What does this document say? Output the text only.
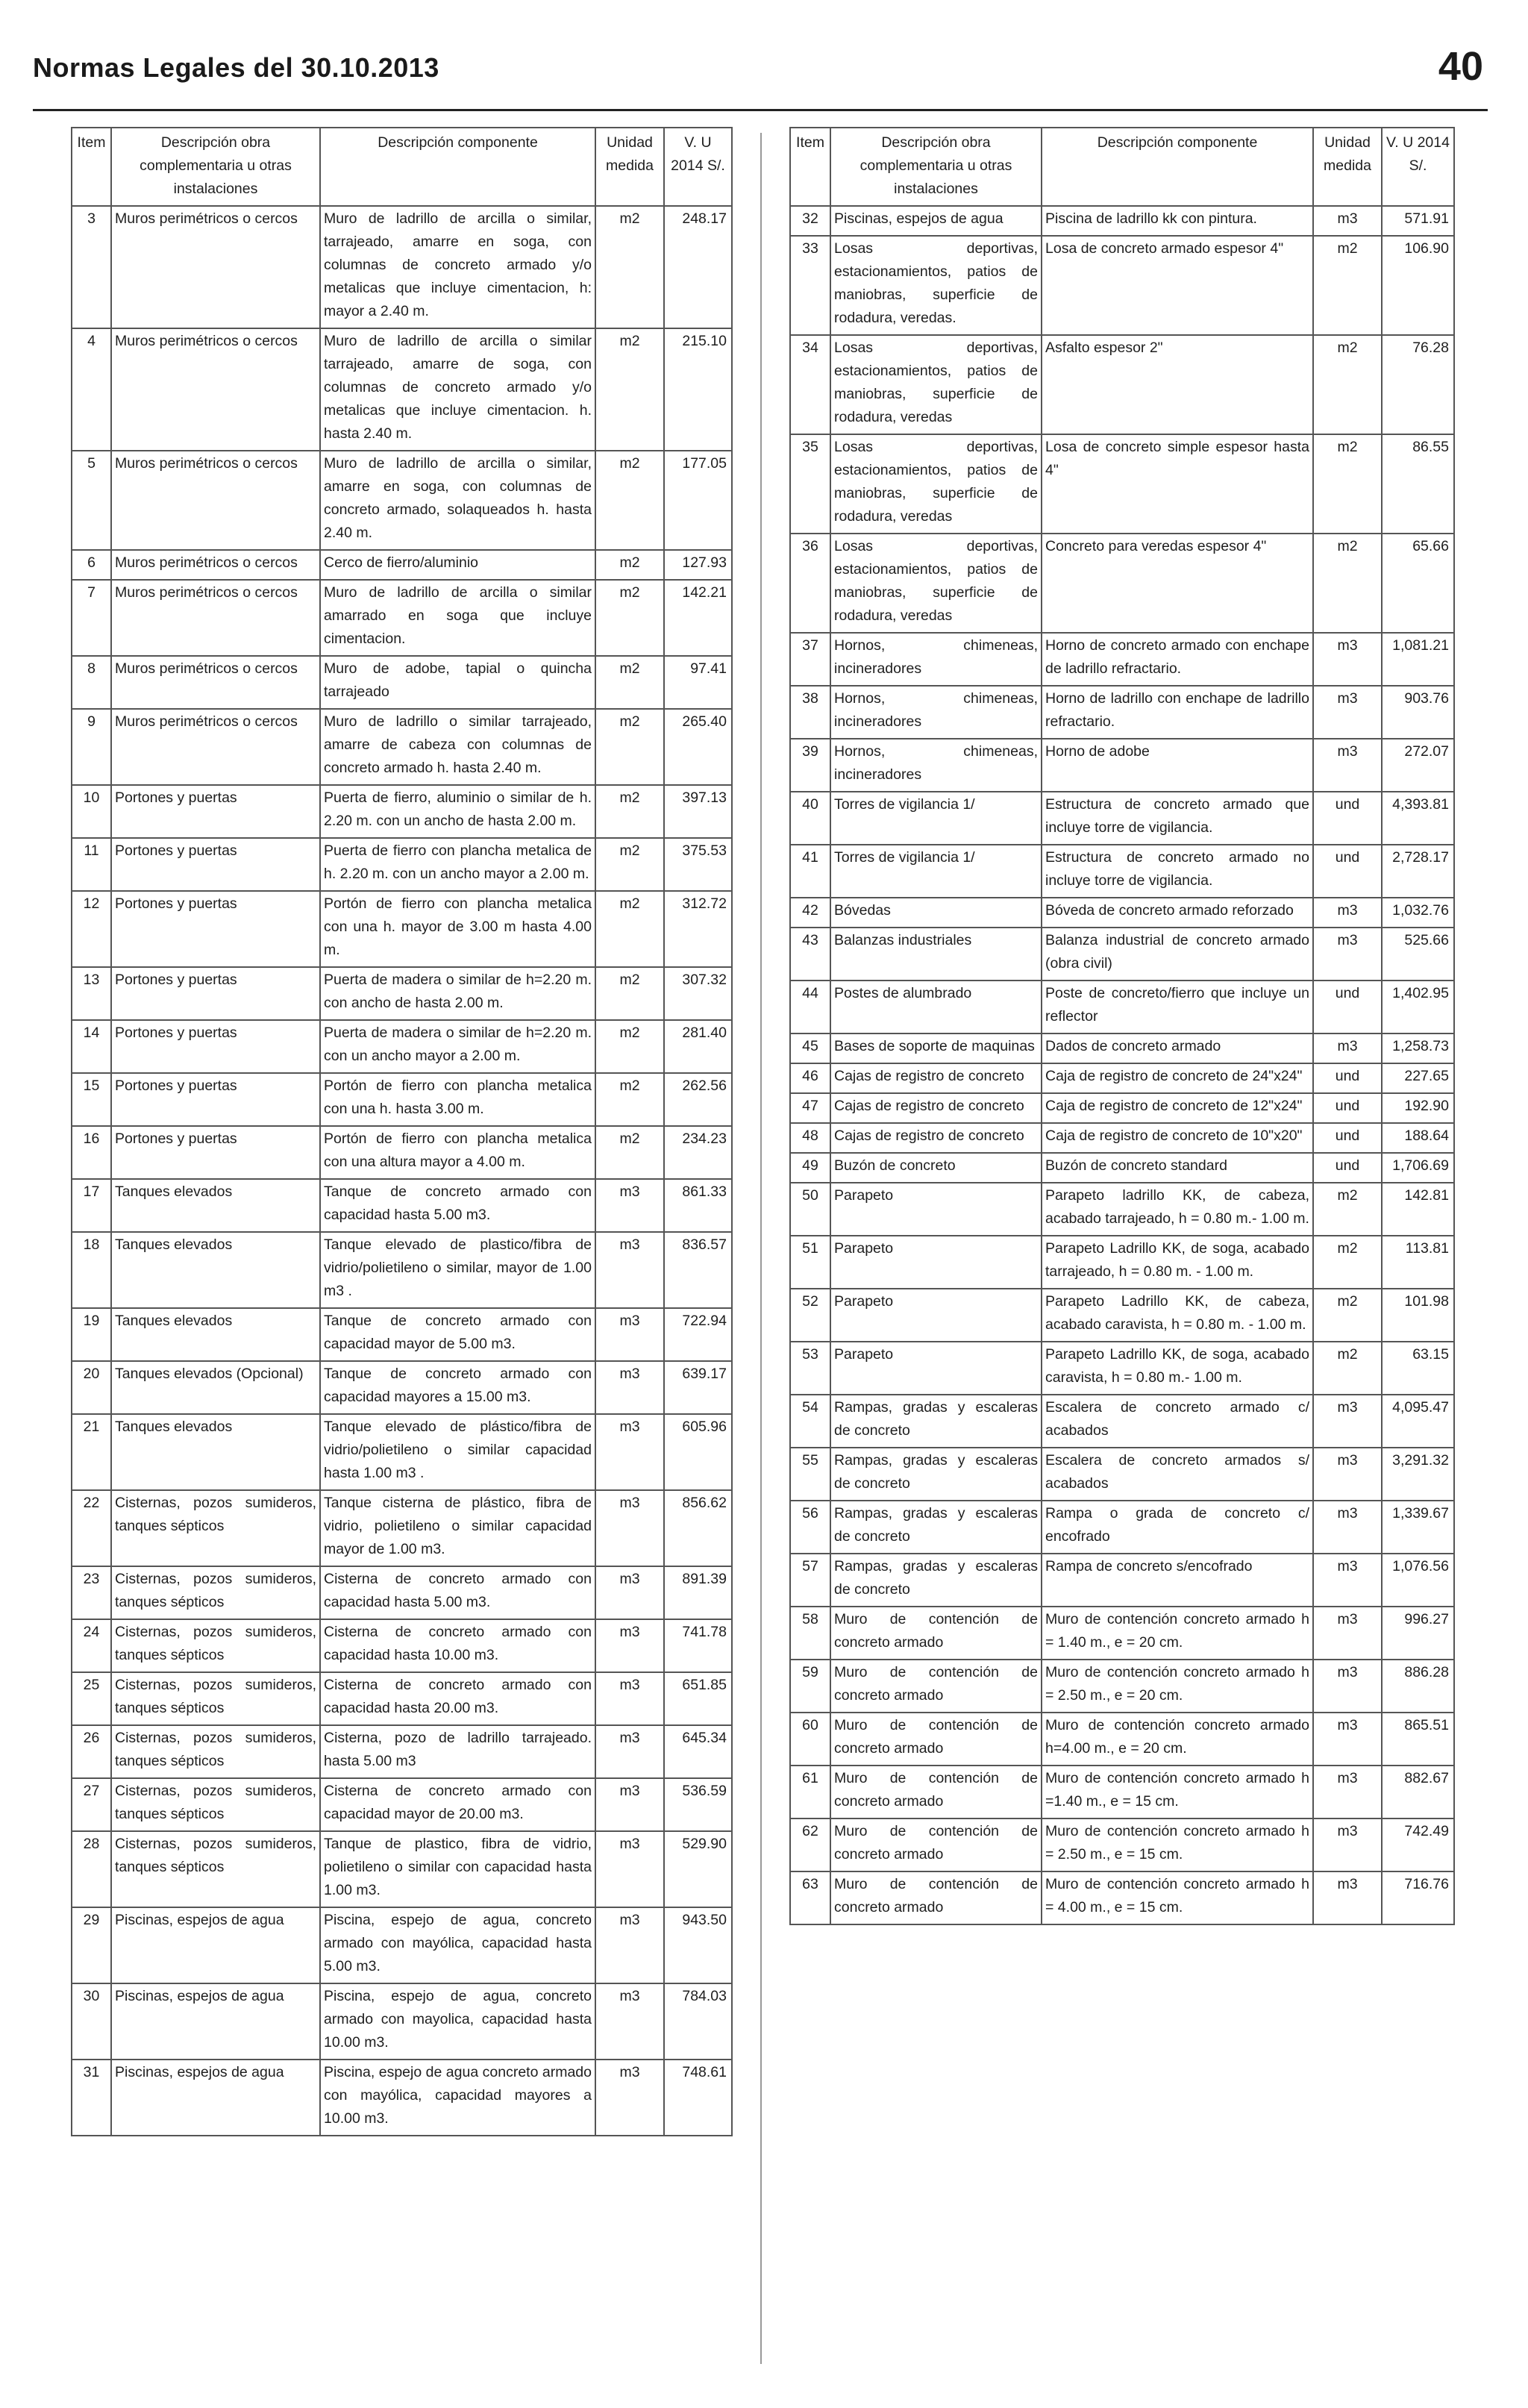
Normas Legales del 30.10.2013	40
Item	Descripción obra complementaria u otras instalaciones	Descripción componente	Unidad medida	V. U 2014 S/.
3	Muros perimétricos o cercos	Muro de ladrillo de arcilla o similar, tarrajeado, amarre en soga, con columnas de concreto armado y/o metalicas que incluye cimentacion, h: mayor a 2.40 m.	m2	248.17
4	Muros perimétricos o cercos	Muro de ladrillo de arcilla o similar tarrajeado, amarre de soga, con columnas de concreto armado y/o metalicas que incluye cimentacion. h. hasta 2.40 m.	m2	215.10
5	Muros perimétricos o cercos	Muro de ladrillo de arcilla o similar, amarre en soga, con columnas de concreto armado, solaqueados h. hasta 2.40 m.	m2	177.05
6	Muros perimétricos o cercos	Cerco de fierro/aluminio	m2	127.93
7	Muros perimétricos o cercos	Muro de ladrillo de arcilla o similar amarrado en soga que incluye cimentacion.	m2	142.21
8	Muros perimétricos o cercos	Muro de adobe, tapial o quincha tarrajeado	m2	97.41
9	Muros perimétricos o cercos	Muro de ladrillo o similar tarrajeado, amarre de cabeza con columnas de concreto armado h. hasta 2.40 m.	m2	265.40
10	Portones y puertas	Puerta de fierro, aluminio o similar de h. 2.20 m. con un ancho de hasta 2.00 m.	m2	397.13
11	Portones y puertas	Puerta de fierro con plancha metalica de h. 2.20 m. con un ancho mayor a 2.00 m.	m2	375.53
12	Portones y puertas	Portón de fierro con plancha metalica con una h. mayor de 3.00 m hasta 4.00 m.	m2	312.72
13	Portones y puertas	Puerta de madera o similar de h=2.20 m. con ancho de hasta 2.00 m.	m2	307.32
14	Portones y puertas	Puerta de madera o similar de h=2.20 m. con un ancho mayor a 2.00 m.	m2	281.40
15	Portones y puertas	Portón de fierro con plancha metalica con una h. hasta 3.00 m.	m2	262.56
16	Portones y puertas	Portón de fierro con plancha metalica con una altura mayor a 4.00 m.	m2	234.23
17	Tanques elevados	Tanque de concreto armado con capacidad hasta 5.00 m3.	m3	861.33
18	Tanques elevados	Tanque elevado de plastico/fibra de vidrio/polietileno o similar, mayor de 1.00 m3 .	m3	836.57
19	Tanques elevados	Tanque de concreto armado con capacidad mayor de 5.00 m3.	m3	722.94
20	Tanques elevados (Opcional)	Tanque de concreto armado con capacidad mayores a 15.00 m3.	m3	639.17
21	Tanques elevados	Tanque elevado de plástico/fibra de vidrio/polietileno o similar capacidad hasta 1.00 m3 .	m3	605.96
22	Cisternas, pozos sumideros, tanques sépticos	Tanque cisterna de plástico, fibra de vidrio, polietileno o similar capacidad mayor de 1.00 m3.	m3	856.62
23	Cisternas, pozos sumideros, tanques sépticos	Cisterna de concreto armado con capacidad hasta 5.00 m3.	m3	891.39
24	Cisternas, pozos sumideros, tanques sépticos	Cisterna de concreto armado con capacidad hasta 10.00 m3.	m3	741.78
25	Cisternas, pozos sumideros, tanques sépticos	Cisterna de concreto armado con capacidad hasta 20.00 m3.	m3	651.85
26	Cisternas, pozos sumideros, tanques sépticos	Cisterna, pozo de ladrillo tarrajeado. hasta 5.00 m3	m3	645.34
27	Cisternas, pozos sumideros, tanques sépticos	Cisterna de concreto armado con capacidad mayor de 20.00 m3.	m3	536.59
28	Cisternas, pozos sumideros, tanques sépticos	Tanque de plastico, fibra de vidrio, polietileno o similar con capacidad hasta 1.00 m3.	m3	529.90
29	Piscinas, espejos de agua	Piscina, espejo de agua, concreto armado con mayólica, capacidad hasta 5.00 m3.	m3	943.50
30	Piscinas, espejos de agua	Piscina, espejo de agua, concreto armado con mayolica, capacidad hasta 10.00 m3.	m3	784.03
31	Piscinas, espejos de agua	Piscina, espejo de agua concreto armado con mayólica, capacidad mayores a 10.00 m3.	m3	748.61
Item	Descripción obra complementaria u otras instalaciones	Descripción componente	Unidad medida	V. U 2014 S/.
32	Piscinas, espejos de agua	Piscina de ladrillo kk con pintura.	m3	571.91
33	Losas deportivas, estacionamientos, patios de maniobras, superficie de rodadura, veredas.	Losa de concreto armado espesor 4"	m2	106.90
34	Losas deportivas, estacionamientos, patios de maniobras, superficie de rodadura, veredas	Asfalto espesor 2"	m2	76.28
35	Losas deportivas, estacionamientos, patios de maniobras, superficie de rodadura, veredas	Losa de concreto simple espesor hasta 4"	m2	86.55
36	Losas deportivas, estacionamientos, patios de maniobras, superficie de rodadura, veredas	Concreto para veredas espesor 4"	m2	65.66
37	Hornos, chimeneas, incineradores	Horno de concreto armado con enchape de ladrillo refractario.	m3	1,081.21
38	Hornos, chimeneas, incineradores	Horno de ladrillo con enchape de ladrillo refractario.	m3	903.76
39	Hornos, chimeneas, incineradores	Horno de adobe	m3	272.07
40	Torres de vigilancia 1/	Estructura de concreto armado que incluye torre de vigilancia.	und	4,393.81
41	Torres de vigilancia 1/	Estructura de concreto armado no incluye torre de vigilancia.	und	2,728.17
42	Bóvedas	Bóveda de concreto armado reforzado	m3	1,032.76
43	Balanzas industriales	Balanza industrial de concreto armado (obra civil)	m3	525.66
44	Postes de alumbrado	Poste de concreto/fierro que incluye un reflector	und	1,402.95
45	Bases de soporte de maquinas	Dados de concreto armado	m3	1,258.73
46	Cajas de registro de concreto	Caja de registro de concreto de 24"x24"	und	227.65
47	Cajas de registro de concreto	Caja de registro de concreto de 12"x24"	und	192.90
48	Cajas de registro de concreto	Caja de registro de concreto de 10"x20"	und	188.64
49	Buzón de concreto	Buzón de concreto standard	und	1,706.69
50	Parapeto	Parapeto ladrillo KK, de cabeza, acabado tarrajeado, h = 0.80 m.- 1.00 m.	m2	142.81
51	Parapeto	Parapeto Ladrillo KK, de soga, acabado tarrajeado, h = 0.80 m. - 1.00 m.	m2	113.81
52	Parapeto	Parapeto Ladrillo KK, de cabeza, acabado caravista, h = 0.80 m. - 1.00 m.	m2	101.98
53	Parapeto	Parapeto Ladrillo KK, de soga, acabado caravista, h = 0.80 m.- 1.00 m.	m2	63.15
54	Rampas, gradas y escaleras de concreto	Escalera de concreto armado c/ acabados	m3	4,095.47
55	Rampas, gradas y escaleras de concreto	Escalera de concreto armados s/ acabados	m3	3,291.32
56	Rampas, gradas y escaleras de concreto	Rampa o grada de concreto c/ encofrado	m3	1,339.67
57	Rampas, gradas y escaleras de concreto	Rampa de concreto s/encofrado	m3	1,076.56
58	Muro de contención de concreto armado	Muro de contención concreto armado h = 1.40 m., e = 20 cm.	m3	996.27
59	Muro de contención de concreto armado	Muro de contención concreto armado h = 2.50 m., e = 20 cm.	m3	886.28
60	Muro de contención de concreto armado	Muro de contención concreto armado h=4.00 m., e = 20 cm.	m3	865.51
61	Muro de contención de concreto armado	Muro de contención concreto armado h =1.40 m., e = 15 cm.	m3	882.67
62	Muro de contención de concreto armado	Muro de contención concreto armado h = 2.50 m., e = 15 cm.	m3	742.49
63	Muro de contención de concreto armado	Muro de contención concreto armado h = 4.00 m., e = 15 cm.	m3	716.76
